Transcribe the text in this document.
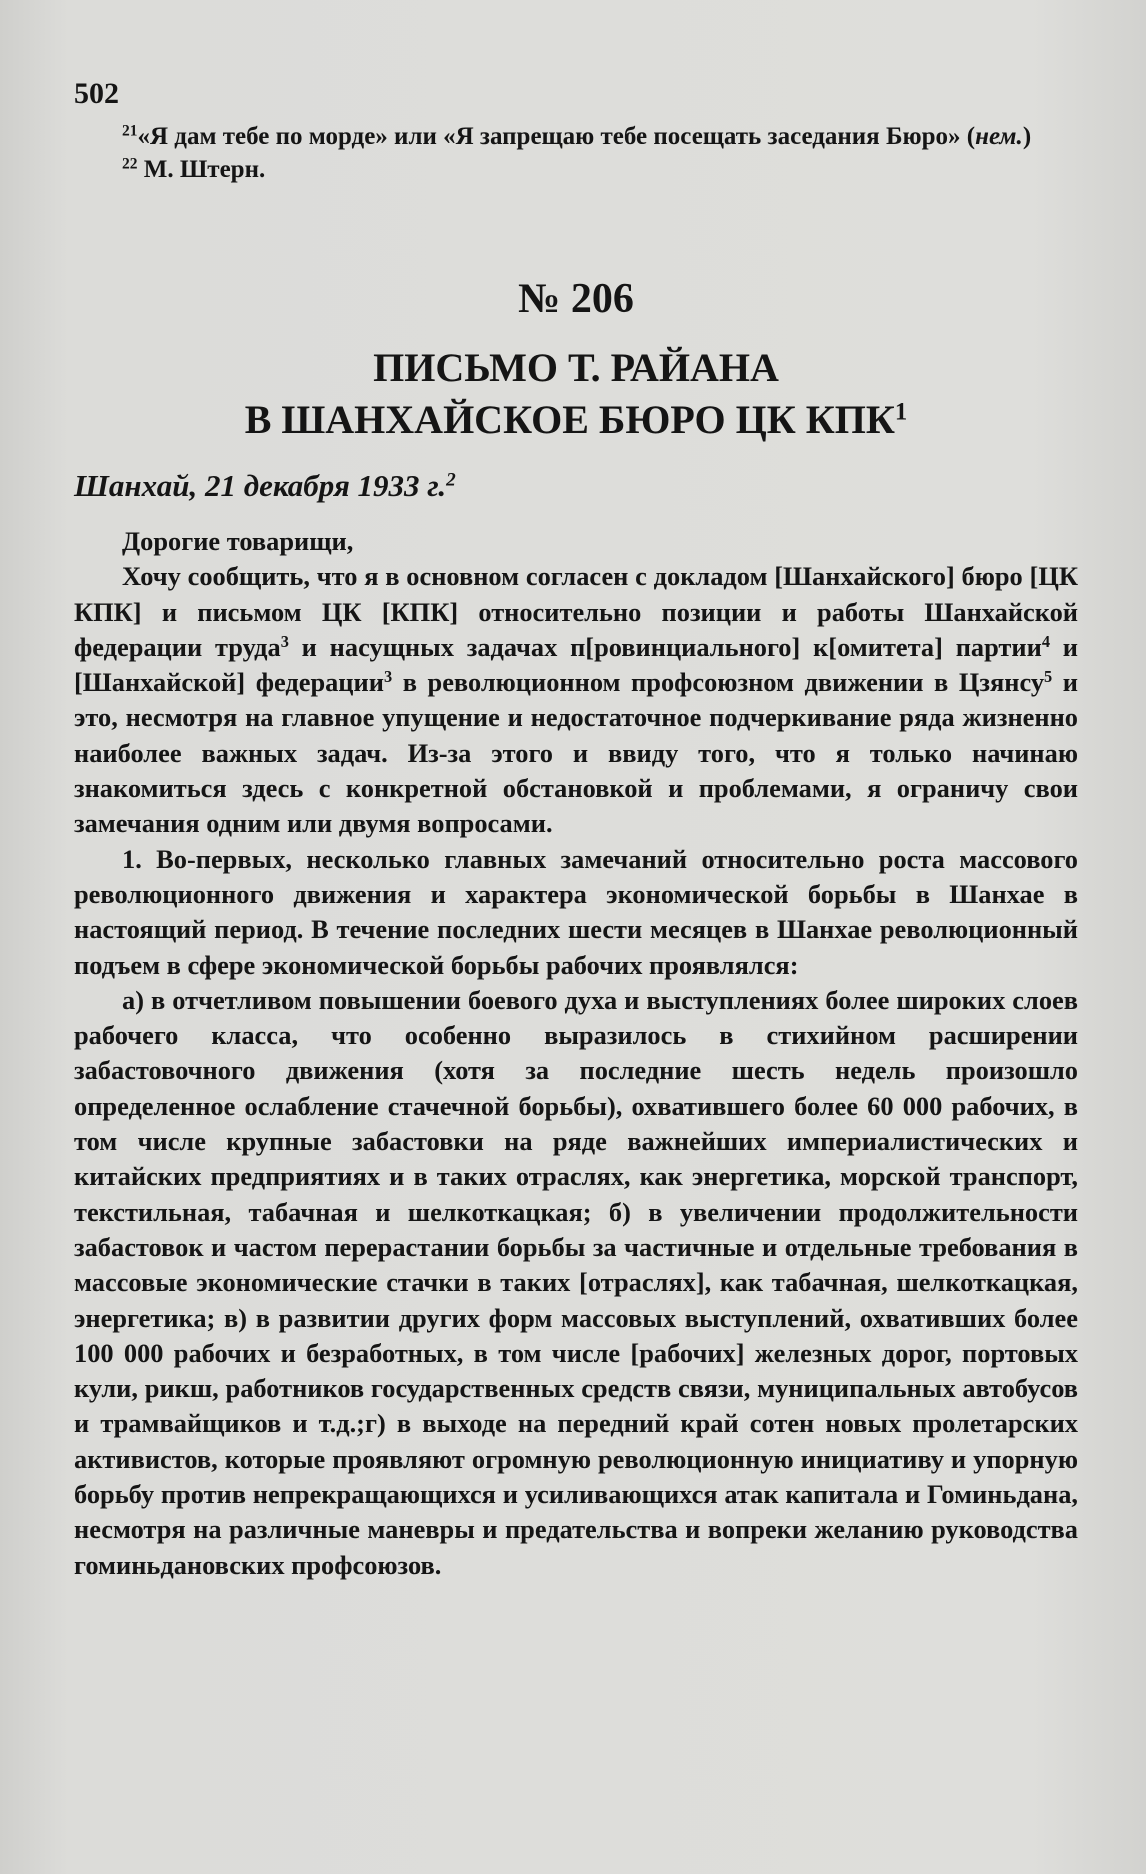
502

$^{21}$«Я дам тебе по морде» или «Я запрещаю тебе посещать заседания Бюро» (нем.)

$^{22}$ М. Штерн.

№ 206
ПИСЬМО Т. РАЙАНА
В ШАНХАЙСКОЕ БЮРО ЦК КПК$^1$
Шанхай, 21 декабря 1933 г.$^2$

Дорогие товарищи,

Хочу сообщить, что я в основном согласен с докладом [Шанхайского] бюро [ЦК КПК] и письмом ЦК [КПК] относительно позиции и работы Шанхайской федерации труда$^3$ и насущных задачах п[ровинциального] к[омитета] партии$^4$ и [Шанхайской] федерации$^3$ в революционном профсоюзном движении в Цзянсу$^5$ и это, несмотря на главное упущение и недостаточное подчеркивание ряда жизненно наиболее важных задач. Из-за этого и ввиду того, что я только начинаю знакомиться здесь с конкретной обстановкой и проблемами, я ограничу свои замечания одним или двумя вопросами.

1. Во-первых, несколько главных замечаний относительно роста массового революционного движения и характера экономической борьбы в Шанхае в настоящий период. В течение последних шести месяцев в Шанхае революционный подъем в сфере экономической борьбы рабочих проявлялся:

а) в отчетливом повышении боевого духа и выступлениях более широких слоев рабочего класса, что особенно выразилось в стихийном расширении забастовочного движения (хотя за последние шесть недель произошло определенное ослабление стачечной борьбы), охватившего более 60 000 рабочих, в том числе крупные забастовки на ряде важнейших империалистических и китайских предприятиях и в таких отраслях, как энергетика, морской транспорт, текстильная, табачная и шелкоткацкая; б) в увеличении продолжительности забастовок и частом перерастании борьбы за частичные и отдельные требования в массовые экономические стачки в таких [отраслях], как табачная, шелкоткацкая, энергетика; в) в развитии других форм массовых выступлений, охвативших более 100 000 рабочих и безработных, в том числе [рабочих] железных дорог, портовых кули, рикш, работников государственных средств связи, муниципальных автобусов и трамвайщиков и т.д.;г) в выходе на передний край сотен новых пролетарских активистов, которые проявляют огромную революционную инициативу и упорную борьбу против непрекращающихся и усиливающихся атак капитала и Гоминьдана, несмотря на различные маневры и предательства и вопреки желанию руководства гоминьдановских профсоюзов.
